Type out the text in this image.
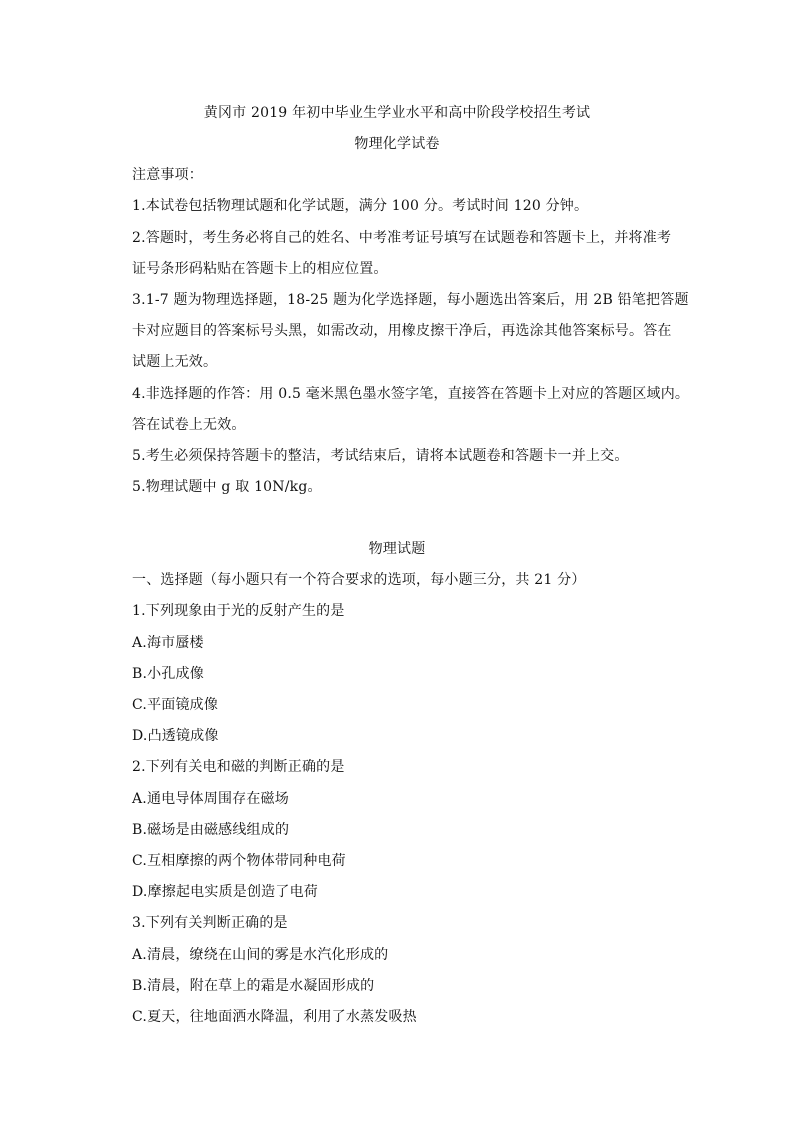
黄冈市 2019 年初中毕业生学业水平和高中阶段学校招生考试
物理化学试卷
注意事项：
1.本试卷包括物理试题和化学试题，满分 100 分。考试时间 120 分钟。
2.答题时，考生务必将自己的姓名、中考准考证号填写在试题卷和答题卡上，并将准考
证号条形码粘贴在答题卡上的相应位置。
3.1-7 题为物理选择题，18-25 题为化学选择题，每小题选出答案后，用 2B 铅笔把答题
卡对应题目的答案标号头黑，如需改动，用橡皮擦干净后，再选涂其他答案标号。答在
试题上无效。
4.非选择题的作答：用 0.5 毫米黑色墨水签字笔，直接答在答题卡上对应的答题区域内。
答在试卷上无效。
5.考生必须保持答题卡的整洁，考试结束后，请将本试题卷和答题卡一并上交。
5.物理试题中 g 取 10N/kg。
物理试题
一、选择题（每小题只有一个符合要求的选项，每小题三分，共 21 分）
1.下列现象由于光的反射产生的是
A.海市蜃楼
B.小孔成像
C.平面镜成像
D.凸透镜成像
2.下列有关电和磁的判断正确的是
A.通电导体周围存在磁场
B.磁场是由磁感线组成的
C.互相摩擦的两个物体带同种电荷
D.摩擦起电实质是创造了电荷
3.下列有关判断正确的是
A.清晨，缭绕在山间的雾是水汽化形成的
B.清晨，附在草上的霜是水凝固形成的
C.夏天，往地面洒水降温，利用了水蒸发吸热
